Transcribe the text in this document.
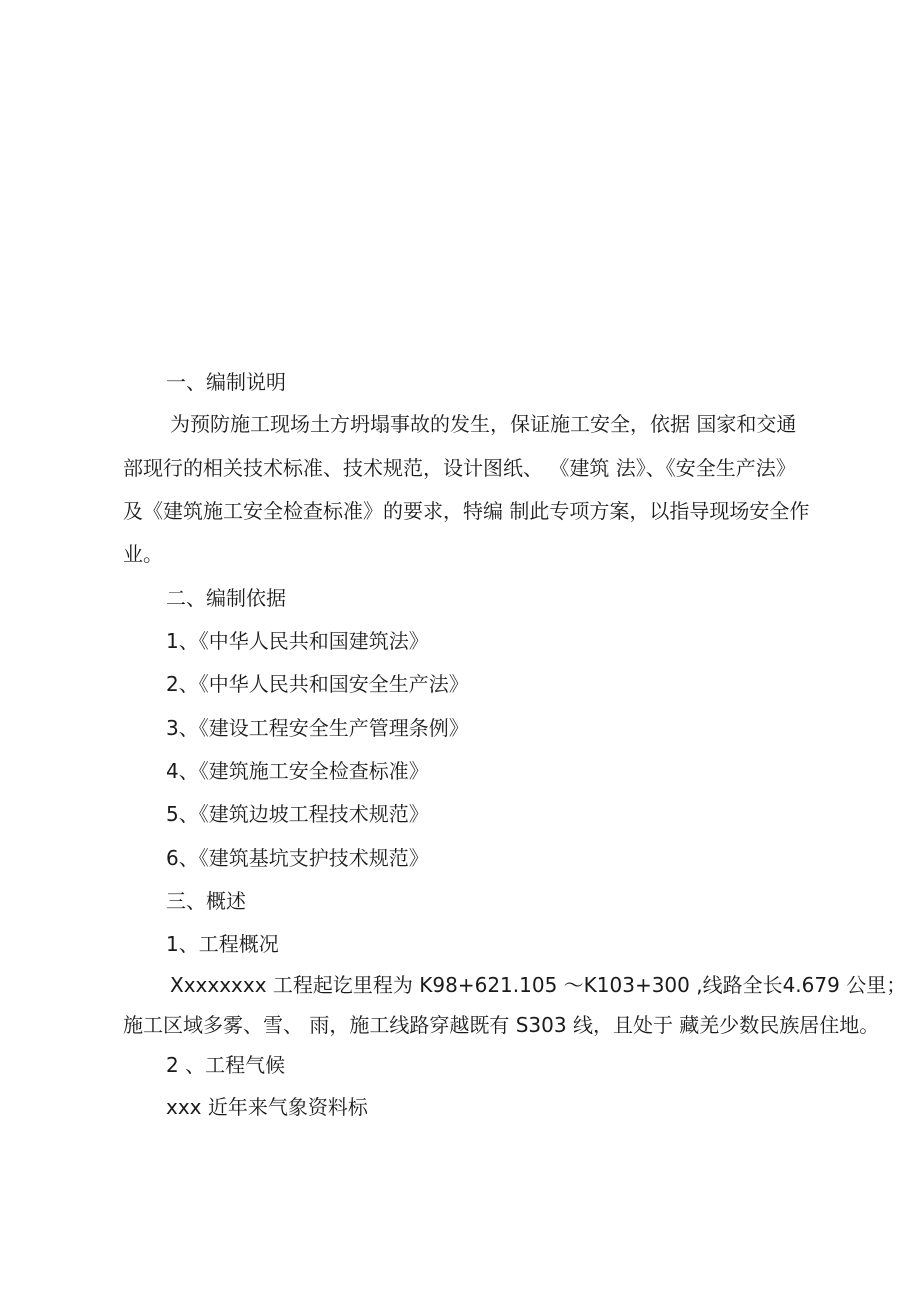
一、编制说明
为预防施工现场土方坍塌事故的发生，保证施工安全，依据 国家和交通
部现行的相关技术标准、技术规范，设计图纸、 《建筑 法》、《安全生产法》
及《建筑施工安全检查标准》的要求，特编 制此专项方案，以指导现场安全作
业。
二、编制依据
1、《中华人民共和国建筑法》
2、《中华人民共和国安全生产法》
3、《建设工程安全生产管理条例》
4、《建筑施工安全检查标准》
5、《建筑边坡工程技术规范》
6、《建筑基坑支护技术规范》
三、概述
1、工程概况
Xxxxxxxx 工程起讫里程为 K98+621.105 ～K103+300 ,线路全长4.679 公里；
施工区域多雾、雪、 雨，施工线路穿越既有 S303 线，且处于 藏羌少数民族居住地。
2 、工程气候
xxx 近年来气象资料标
